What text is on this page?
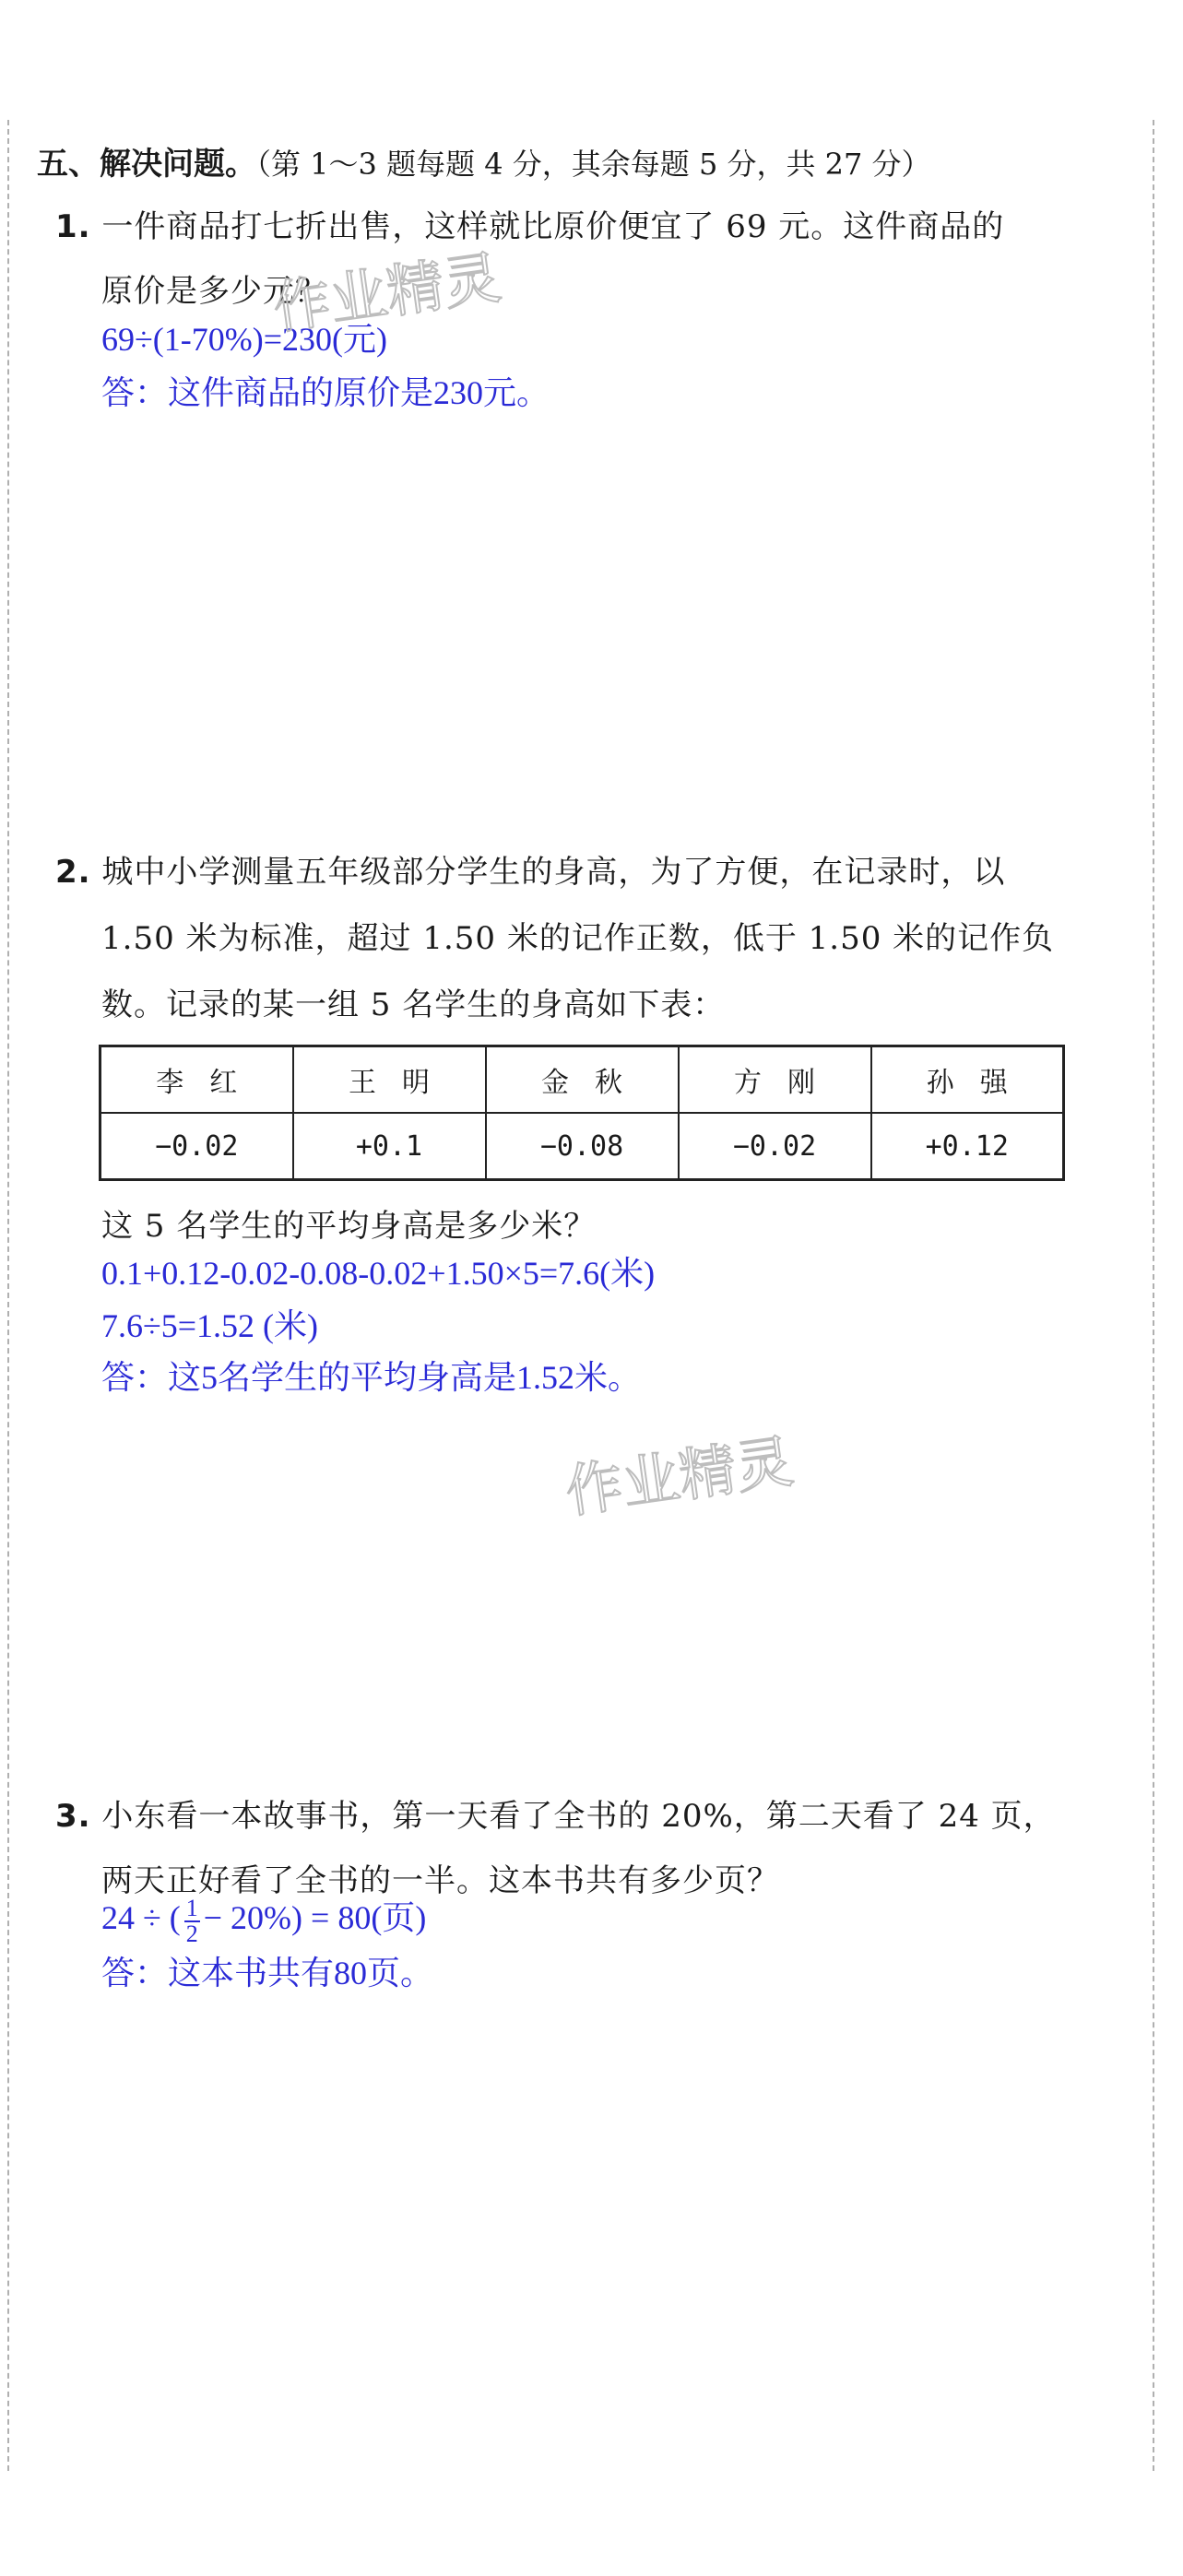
五、解决问题。（第 1～3 题每题 4 分，其余每题 5 分，共 27 分）
1. 一件商品打七折出售，这样就比原价便宜了 69 元。这件商品的
原价是多少元？
69÷(1-70%)=230(元)
答：这件商品的原价是230元。
作业精灵
2. 城中小学测量五年级部分学生的身高，为了方便，在记录时，以
1.50 米为标准，超过 1.50 米的记作正数，低于 1.50 米的记作负
数。记录的某一组 5 名学生的身高如下表：
李红	王明	金秋	方刚	孙强
−0.02	+0.1	−0.08	−0.02	+0.12
这 5 名学生的平均身高是多少米？
0.1+0.12-0.02-0.08-0.02+1.50×5=7.6(米)
7.6÷5=1.52 (米)
答：这5名学生的平均身高是1.52米。
作业精灵
3. 小东看一本故事书，第一天看了全书的 20%，第二天看了 24 页，
两天正好看了全书的一半。这本书共有多少页？
24 ÷ ( $\frac{1}{2} - 20\%) = 80$(页)
答：这本书共有80页。
